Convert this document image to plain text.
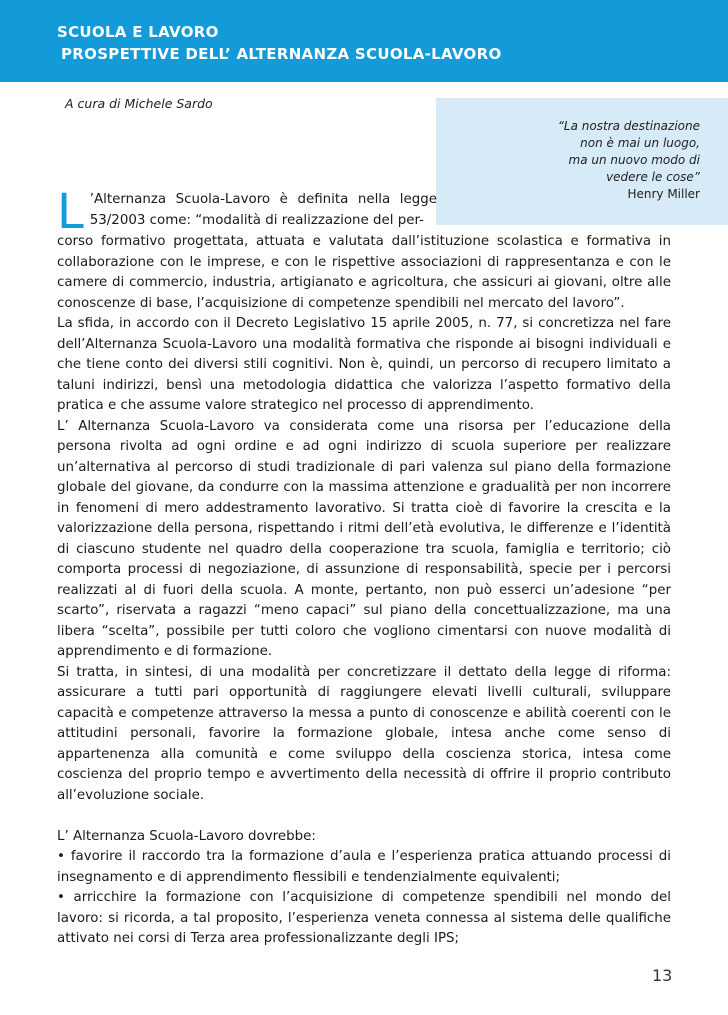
SCUOLA E LAVORO
PROSPETTIVE DELL’ ALTERNANZA SCUOLA-LAVORO
A cura di Michele Sardo
“La nostra destinazione
non è mai un luogo,
ma un nuovo modo di
vedere le cose”
Henry Miller
L ’Alternanza Scuola-Lavoro è definita nella legge 53/2003 come: “modalità di realizzazione del per-

corso formativo progettata, attuata e valutata dall’istituzione scolastica e formativa in collaborazione con le imprese, e con le rispettive associazioni di rappresentanza e con le camere di commercio, industria, artigianato e agricoltura, che assicuri ai giovani, oltre alle conoscenze di base, l’acquisizione di competenze spendibili nel mercato del lavoro”.

La sfida, in accordo con il Decreto Legislativo 15 aprile 2005, n. 77, si concretizza nel fare dell’Alternanza Scuola-Lavoro una modalità formativa che risponde ai bisogni individuali e che tiene conto dei diversi stili cognitivi. Non è, quindi, un percorso di recupero limitato a taluni indirizzi, bensì una metodologia didattica che valorizza l’aspetto formativo della pratica e che assume valore strategico nel processo di apprendimento.

L’ Alternanza Scuola-Lavoro va considerata come una risorsa per l’educazione della persona rivolta ad ogni ordine e ad ogni indirizzo di scuola superiore per realizzare un’alternativa al percorso di studi tradizionale di pari valenza sul piano della formazione globale del giovane, da condurre con la massima attenzione e gradualità per non incorrere in fenomeni di mero addestramento lavorativo. Si tratta cioè di favorire la crescita e la valorizzazione della persona, rispettando i ritmi dell’età evolutiva, le differenze e l’identità di ciascuno studente nel quadro della cooperazione tra scuola, famiglia e territorio; ciò comporta processi di negoziazione, di assunzione di responsabilità, specie per i percorsi realizzati al di fuori della scuola. A monte, pertanto, non può esserci un’adesione “per scarto”, riservata a ragazzi “meno capaci” sul piano della concettualizzazione, ma una libera “scelta”, possibile per tutti coloro che vogliono cimentarsi con nuove modalità di apprendimento e di formazione.

Si tratta, in sintesi, di una modalità per concretizzare il dettato della legge di riforma: assicurare a tutti pari opportunità di raggiungere elevati livelli culturali, sviluppare capacità e competenze attraverso la messa a punto di conoscenze e abilità coerenti con le attitudini personali, favorire la formazione globale, intesa anche come senso di appartenenza alla comunità e come sviluppo della coscienza storica, intesa come coscienza del proprio tempo e avvertimento della necessità di offrire il proprio contributo all’evoluzione sociale.

L’ Alternanza Scuola-Lavoro dovrebbe:

• favorire il raccordo tra la formazione d’aula e l’esperienza pratica attuando processi di insegnamento e di apprendimento flessibili e tendenzialmente equivalenti;

• arricchire la formazione con l’acquisizione di competenze spendibili nel mondo del lavoro: si ricorda, a tal proposito, l’esperienza veneta connessa al sistema delle qualifiche attivato nei corsi di Terza area professionalizzante degli IPS;

13
